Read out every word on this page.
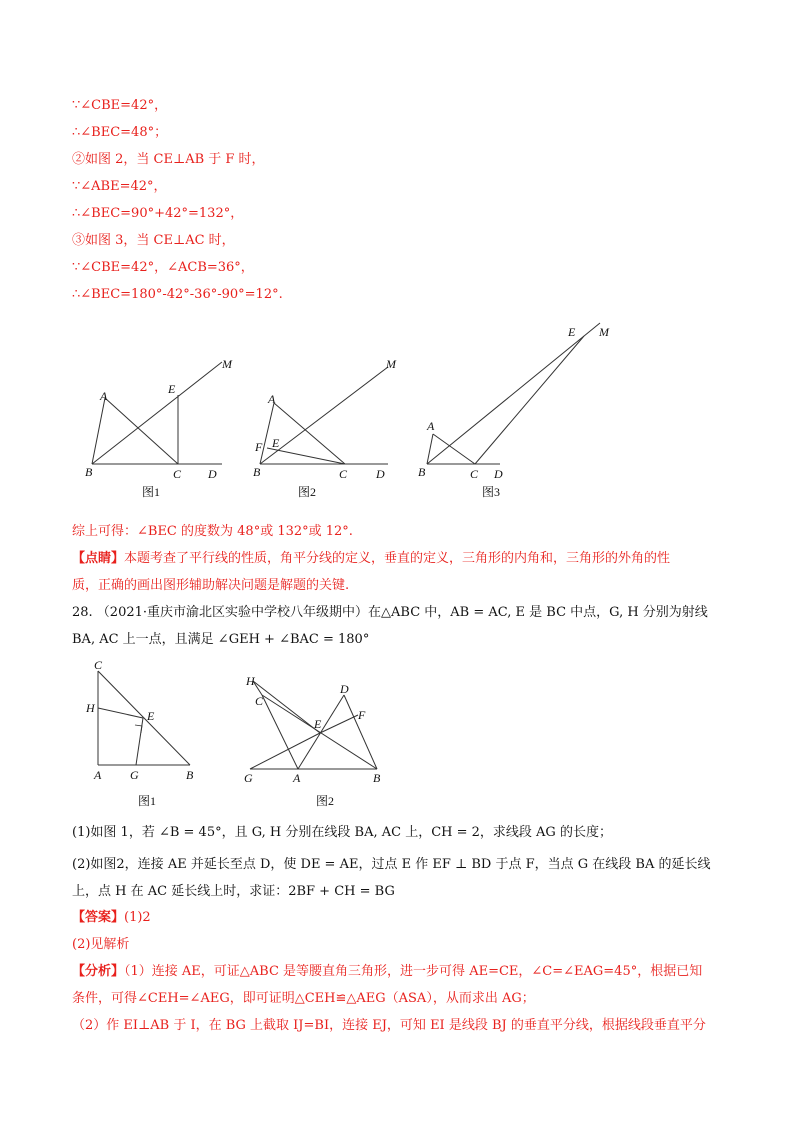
∵∠CBE=42°，
∴∠BEC=48°；
②如图 2，当 CE⊥AB 于 F 时，
∵∠ABE=42°，
∴∠BEC=90°+42°=132°，
③如图 3，当 CE⊥AC 时，
∵∠CBE=42°，∠ACB=36°，
∴∠BEC=180°-42°-36°-90°=12°.
A
B	C D
E
M
A
B	C D
E
F
M
A
B	C D
E M
图1	图2	图3
综上可得：∠BEC 的度数为 48°或 132°或 12°.
【点睛】本题考查了平行线的性质，角平分线的定义，垂直的定义，三角形的内角和，三角形的外角的性
质，正确的画出图形辅助解决问题是解题的关键.
28. （2021·重庆市渝北区实验中学校八年级期中）在△ABC 中，AB = AC, E 是 BC 中点，G, H 分别为射线
BA, AC 上一点，且满足 ∠GEH + ∠BAC = 180°
C
H
E
A G	B
H
C
D
F
E
G	A	B
图1	图2
(1)如图 1，若 ∠B = 45°，且 G, H 分别在线段 BA, AC 上，CH = 2，求线段 AG 的长度；
(2)如图2，连接 AE 并延长至点 D，使 DE = AE，过点 E 作 EF ⊥ BD 于点 F，当点 G 在线段 BA 的延长线
上，点 H 在 AC 延长线上时，求证：2BF + CH = BG
【答案】(1)2
(2)见解析
【分析】（1）连接 AE，可证△ABC 是等腰直角三角形，进一步可得 AE=CE，∠C=∠EAG=45°，根据已知
条件，可得∠CEH=∠AEG，即可证明△CEH≌△AEG（ASA），从而求出 AG；
（2）作 EI⊥AB 于 I，在 BG 上截取 IJ=BI，连接 EJ，可知 EI 是线段 BJ 的垂直平分线，根据线段垂直平分
